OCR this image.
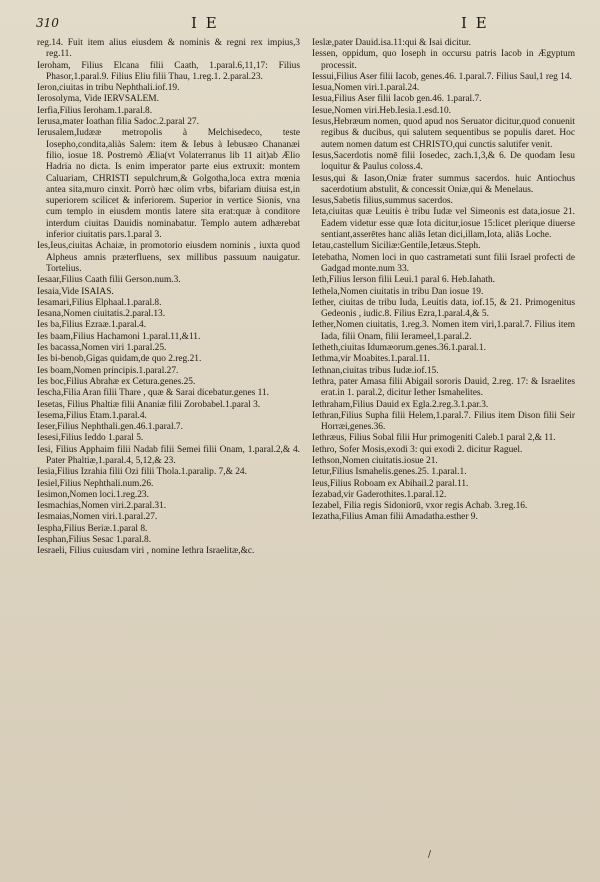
310	I E	I E

reg.14. Fuit item alius eiusdem & nominis & regni rex impius,3 reg.11.

Ieroham, Filius Elcana filii Caath, 1.paral.6,11,17: Filius Phasor,1.paral.9. Filius Eliu filii Thau, 1.reg.1. 2.paral.23.

Ieron,ciuitas in tribu Nephthali.iof.19.

Ierosolyma, Vide IERVSALEM.

Ierfia,Filius Ieroham.1.paral.8.

Ierusa,mater Ioathan filia Sadoc.2.paral 27.

Ierusalem,Iudææ metropolis à Melchisedeco, teste Iosepho,condita,aliàs Salem: item & Iebus à Iebusæo Chananæi filio, iosue 18. Postremò Ælia(vt Volaterranus lib 11 ait)ab Ælio Hadria no dicta. Is enim imperator parte eius extruxit: montem Caluariam, CHRISTI sepulchrum,& Golgotha,loca extra mœnia antea sita,muro cinxit. Porrò hæc olim vrbs, bifariam diuisa est,in superiorem scilicet & inferiorem. Superior in vertice Sionis, vna cum templo in eiusdem montis latere sita erat:quæ à conditore interdum ciuitas Dauidis nominabatur. Templo autem adhærebat inferior ciuitatis pars.1.paral 3.

Ies,Ieus,ciuitas Achaiæ, in promotorio eiusdem nominis , iuxta quod Alpheus amnis præterfluens, sex millibus passuum nauigatur. Tortelius.

Iesaar,Filius Caath filii Gerson.num.3.

Iesaia,Vide ISAIAS.

Iesamari,Filius Elphaal.1.paral.8.

Iesana,Nomen ciuitatis.2.paral.13.

Ies ba,Filius Ezraæ.1.paral.4.

Ies baam,Filius Hachamoni 1.paral.11,&11.

Ies bacassa,Nomen viri 1.paral.25.

Ies bi-benob,Gigas quidam,de quo 2.reg.21.

Ies boam,Nomen principis.1.paral.27.

Ies boc,Filius Abrahæ ex Cetura.genes.25.

Iescha,Filia Aran filii Thare , quæ & Sarai dicebatur.genes 11.

Iesetas, Filius Phaltiæ filii Ananiæ filii Zorobabel.1.paral 3.

Iesema,Filius Etam.1.paral.4.

Ieser,Filius Nephthali.gen.46.1.paral.7.

Iesesi,Filius Ieddo 1.paral 5.

Iesi, Filius Apphaim filii Nadab filii Semei filii Onam, 1.paral.2,& 4. Pater Phaltiæ,1.paral.4, 5,12,& 23.

Iesia,Filius Izrahia filii Ozi filii Thola.1.paralip. 7,& 24.

Iesiel,Filius Nephthali.num.26.

Iesimon,Nomen loci.1.reg.23.

Iesmachias,Nomen viri.2.paral.31.

Iesmaias,Nomen viri.1.paral.27.

Iespha,Filius Beriæ.1.paral 8.

Iesphan,Filius Sesac 1.paral.8.

Iesraeli, Filius cuiusdam viri , nomine Iethra Israelitæ,&c.

Ieslæ,pater Dauid.isa.11:qui & Isai dicitur.

Iessen, oppidum, quo Ioseph in occursu patris Iacob in Ægyptum processit.

Iessui,Filius Aser filii Iacob, genes.46. 1.paral.7. Filius Saul,1 reg 14.

Iesua,Nomen viri.1.paral.24.

Iesua,Filius Aser filii Iacob gen.46. 1.paral.7.

Iesue,Nomen viri.Heb.Iesia.1.esd.10.

Iesus,Hebræum nomen, quod apud nos Seruator dicitur,quod conuenit regibus & ducibus, qui salutem sequentibus se populis daret. Hoc autem nomen datum est CHRISTO,qui cunctis salutifer venit.

Iesus,Sacerdotis nomē filii Iosedec, zach.1,3,& 6. De quodam Iesu loquitur & Paulus coloss.4.

Iesus,qui & Iason,Oniæ frater summus sacerdos. huic Antiochus sacerdotium abstulit, & concessit Oniæ,qui & Menelaus.

Iesus,Sabetis filius,summus sacerdos.

Ieta,ciuitas quæ Leuitis è tribu Iudæ vel Simeonis est data,iosue 21. Eadem videtur esse quæ Iota dicitur,iosue 15:licet plerique diuerse sentiant,asserētes hanc aliās Ietan dici,illam,Iota, aliās Loche.

Ietau,castellum Siciliæ:Gentile,Ietæus.Steph.

Ietebatha, Nomen loci in quo castrametati sunt filii Israel profecti de Gadgad monte.num 33.

Ieth,Filius Ierson filii Leui.1 paral 6. Heb.Iahath.

Iethela,Nomen ciuitatis in tribu Dan iosue 19.

Iether, ciuitas de tribu Iuda, Leuitis data, iof.15, & 21. Primogenitus Gedeonis , iudic.8. Filius Ezra,1.paral.4,& 5.

Iether,Nomen ciuitatis, 1.reg.3. Nomen item viri,1.paral.7. Filius item Iada, filii Onam, filii Ierameel,1.paral.2.

Ietheth,ciuitas Idumæorum.genes.36.1.paral.1.

Iethma,vir Moabites.1.paral.11.

Iethnan,ciuitas tribus Iudæ.iof.15.

Iethra, pater Amasa filii Abigail sororis Dauid, 2.reg. 17: & Israelites erat.in 1. paral.2, dicitur Iether Ismahelites.

Iethraham,Filius Dauid ex Egla.2.reg.3.1.par.3.

Iethran,Filius Supha filii Helem,1.paral.7. Filius item Dison filii Seir Horræi,genes.36.

Iethræus, Filius Sobal filii Hur primogeniti Caleb.1 paral 2,& 11.

Iethro, Sofer Mosis,exodi 3: qui exodi 2. dicitur Raguel.

Iethson,Nomen ciuitatis.iosue 21.

Ietur,Filius Ismahelis.genes.25. 1.paral.1.

Ieus,Filius Roboam ex Abihail.2 paral.11.

Iezabad,vir Gaderothites.1.paral.12.

Iezabel, Filia regis Sidoniorū, vxor regis Achab. 3.reg.16.

Iezatha,Filius Aman filii Amadatha.esther 9.

/
